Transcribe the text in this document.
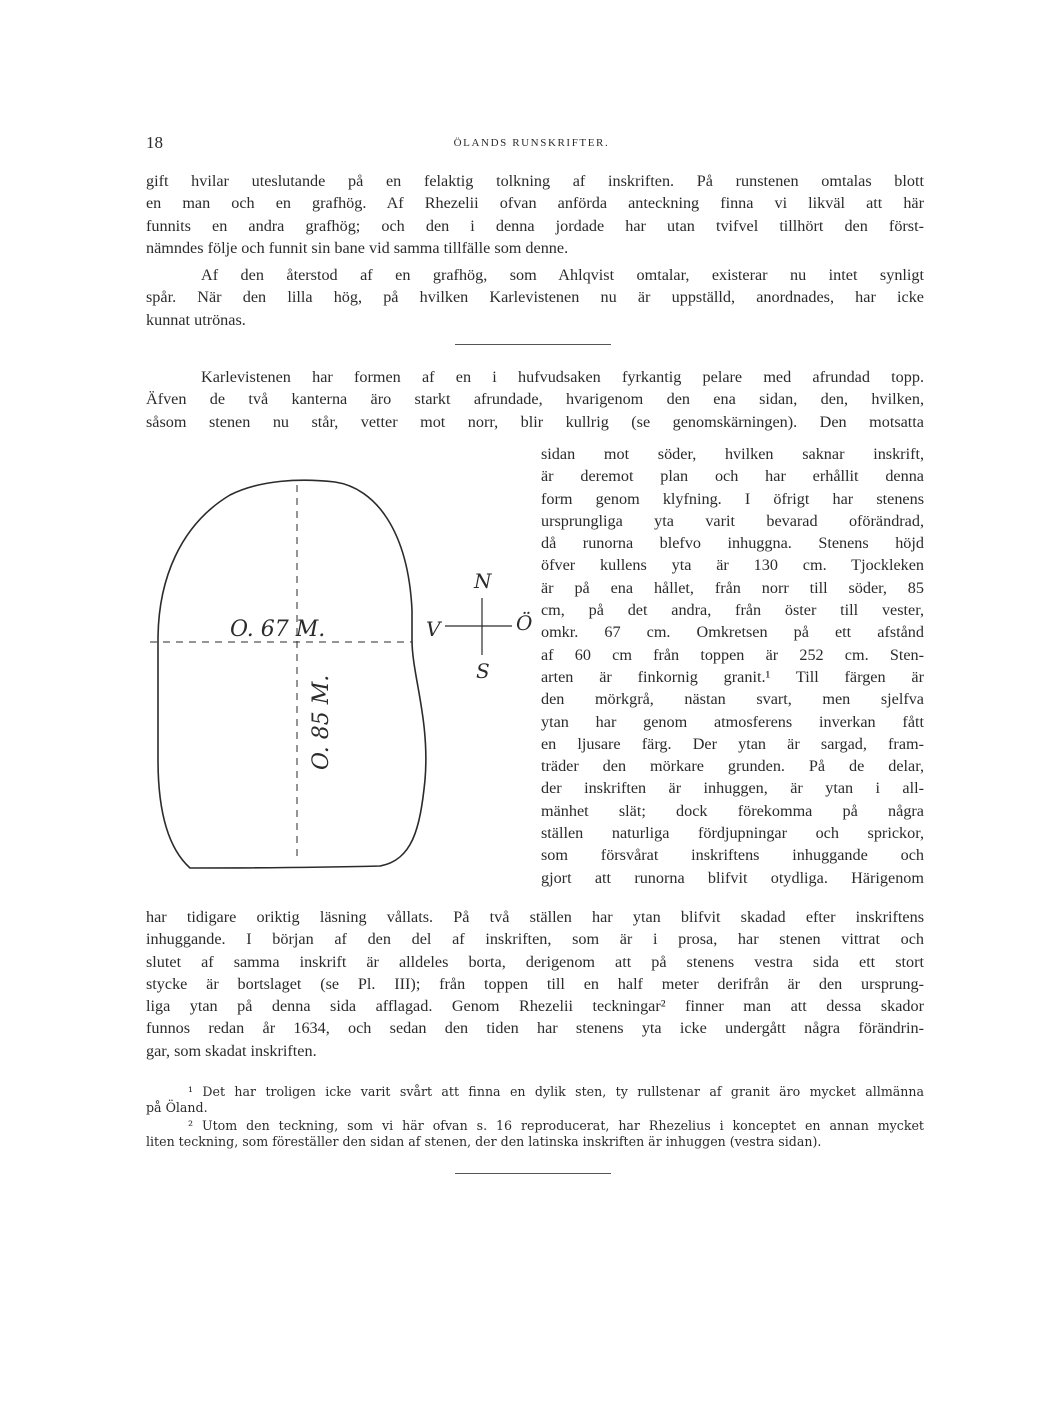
18	ÖLANDS RUNSKRIFTER.
gift hvilar uteslutande på en felaktig tolkning af inskriften. På runstenen omtalas blott
en man och en grafhög. Af Rhezelii ofvan anförda anteckning finna vi likväl att här
funnits en andra grafhög; och den i denna jordade har utan tvifvel tillhört den först-
nämndes följe och funnit sin bane vid samma tillfälle som denne.
Af den återstod af en grafhög, som Ahlqvist omtalar, existerar nu intet synligt
spår. När den lilla hög, på hvilken Karlevistenen nu är uppställd, anordnades, har icke
kunnat utrönas.
Karlevistenen har formen af en i hufvudsaken fyrkantig pelare med afrundad topp.
Äfven de två kanterna äro starkt afrundade, hvarigenom den ena sidan, den, hvilken,
såsom stenen nu står, vetter mot norr, blir kullrig (se genomskärningen). Den motsatta
O. 67 M.
O. 85 M.
N
S
V	Ö
sidan mot söder, hvilken saknar inskrift,
är deremot plan och har erhållit denna
form genom klyfning. I öfrigt har stenens
ursprungliga yta varit bevarad oförändrad,
då runorna blefvo inhuggna. Stenens höjd
öfver kullens yta är 130 cm. Tjockleken
är på ena hållet, från norr till söder, 85
cm, på det andra, från öster till vester,
omkr. 67 cm. Omkretsen på ett afstånd
af 60 cm från toppen är 252 cm. Sten-
arten är finkornig granit.¹ Till färgen är
den mörkgrå, nästan svart, men sjelfva
ytan har genom atmosferens inverkan fått
en ljusare färg. Der ytan är sargad, fram-
träder den mörkare grunden. På de delar,
der inskriften är inhuggen, är ytan i all-
mänhet slät; dock förekomma på några
ställen naturliga fördjupningar och sprickor,
som försvårat inskriftens inhuggande och
gjort att runorna blifvit otydliga. Härigenom
har tidigare oriktig läsning vållats. På två ställen har ytan blifvit skadad efter inskriftens
inhuggande. I början af den del af inskriften, som är i prosa, har stenen vittrat och
slutet af samma inskrift är alldeles borta, derigenom att på stenens vestra sida ett stort
stycke är bortslaget (se Pl. III); från toppen till en half meter derifrån är den ursprung-
liga ytan på denna sida afflagad. Genom Rhezelii teckningar² finner man att dessa skador
funnos redan år 1634, och sedan den tiden har stenens yta icke undergått några förändrin-
gar, som skadat inskriften.
¹ Det har troligen icke varit svårt att finna en dylik sten, ty rullstenar af granit äro mycket allmänna
på Öland.
² Utom den teckning, som vi här ofvan s. 16 reproducerat, har Rhezelius i konceptet en annan mycket
liten teckning, som föreställer den sidan af stenen, der den latinska inskriften är inhuggen (vestra sidan).
